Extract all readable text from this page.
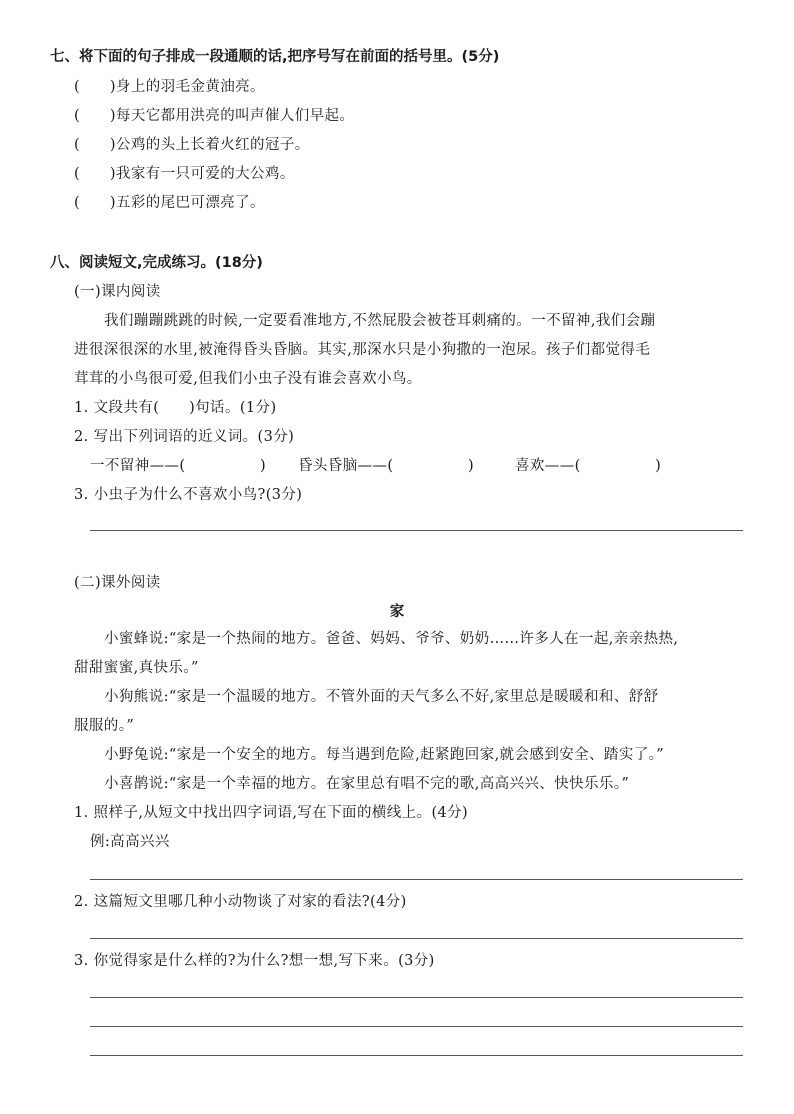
七、将下面的句子排成一段通顺的话,把序号写在前面的括号里。(5分)
(　　)身上的羽毛金黄油亮。
(　　)每天它都用洪亮的叫声催人们早起。
(　　)公鸡的头上长着火红的冠子。
(　　)我家有一只可爱的大公鸡。
(　　)五彩的尾巴可漂亮了。
八、阅读短文,完成练习。(18分)
(一)课内阅读
我们蹦蹦跳跳的时候,一定要看准地方,不然屁股会被苍耳刺痛的。一不留神,我们会蹦
进很深很深的水里,被淹得昏头昏脑。其实,那深水只是小狗撒的一泡尿。孩子们都觉得毛
茸茸的小鸟很可爱,但我们小虫子没有谁会喜欢小鸟。
1. 文段共有(　　)句话。(1分)
2. 写出下列词语的近义词。(3分)
一不留神——(　　　　　) 昏头昏脑——(　　　　　)	喜欢——(　　　　　)
3. 小虫子为什么不喜欢小鸟?(3分)
(二)课外阅读
家
小蜜蜂说:“家是一个热闹的地方。爸爸、妈妈、爷爷、奶奶……许多人在一起,亲亲热热,
甜甜蜜蜜,真快乐。”
小狗熊说:“家是一个温暖的地方。不管外面的天气多么不好,家里总是暖暖和和、舒舒
服服的。”
小野兔说:“家是一个安全的地方。每当遇到危险,赶紧跑回家,就会感到安全、踏实了。”
小喜鹊说:“家是一个幸福的地方。在家里总有唱不完的歌,高高兴兴、快快乐乐。”
1. 照样子,从短文中找出四字词语,写在下面的横线上。(4分)
例:高高兴兴
2. 这篇短文里哪几种小动物谈了对家的看法?(4分)
3. 你觉得家是什么样的?为什么?想一想,写下来。(3分)
